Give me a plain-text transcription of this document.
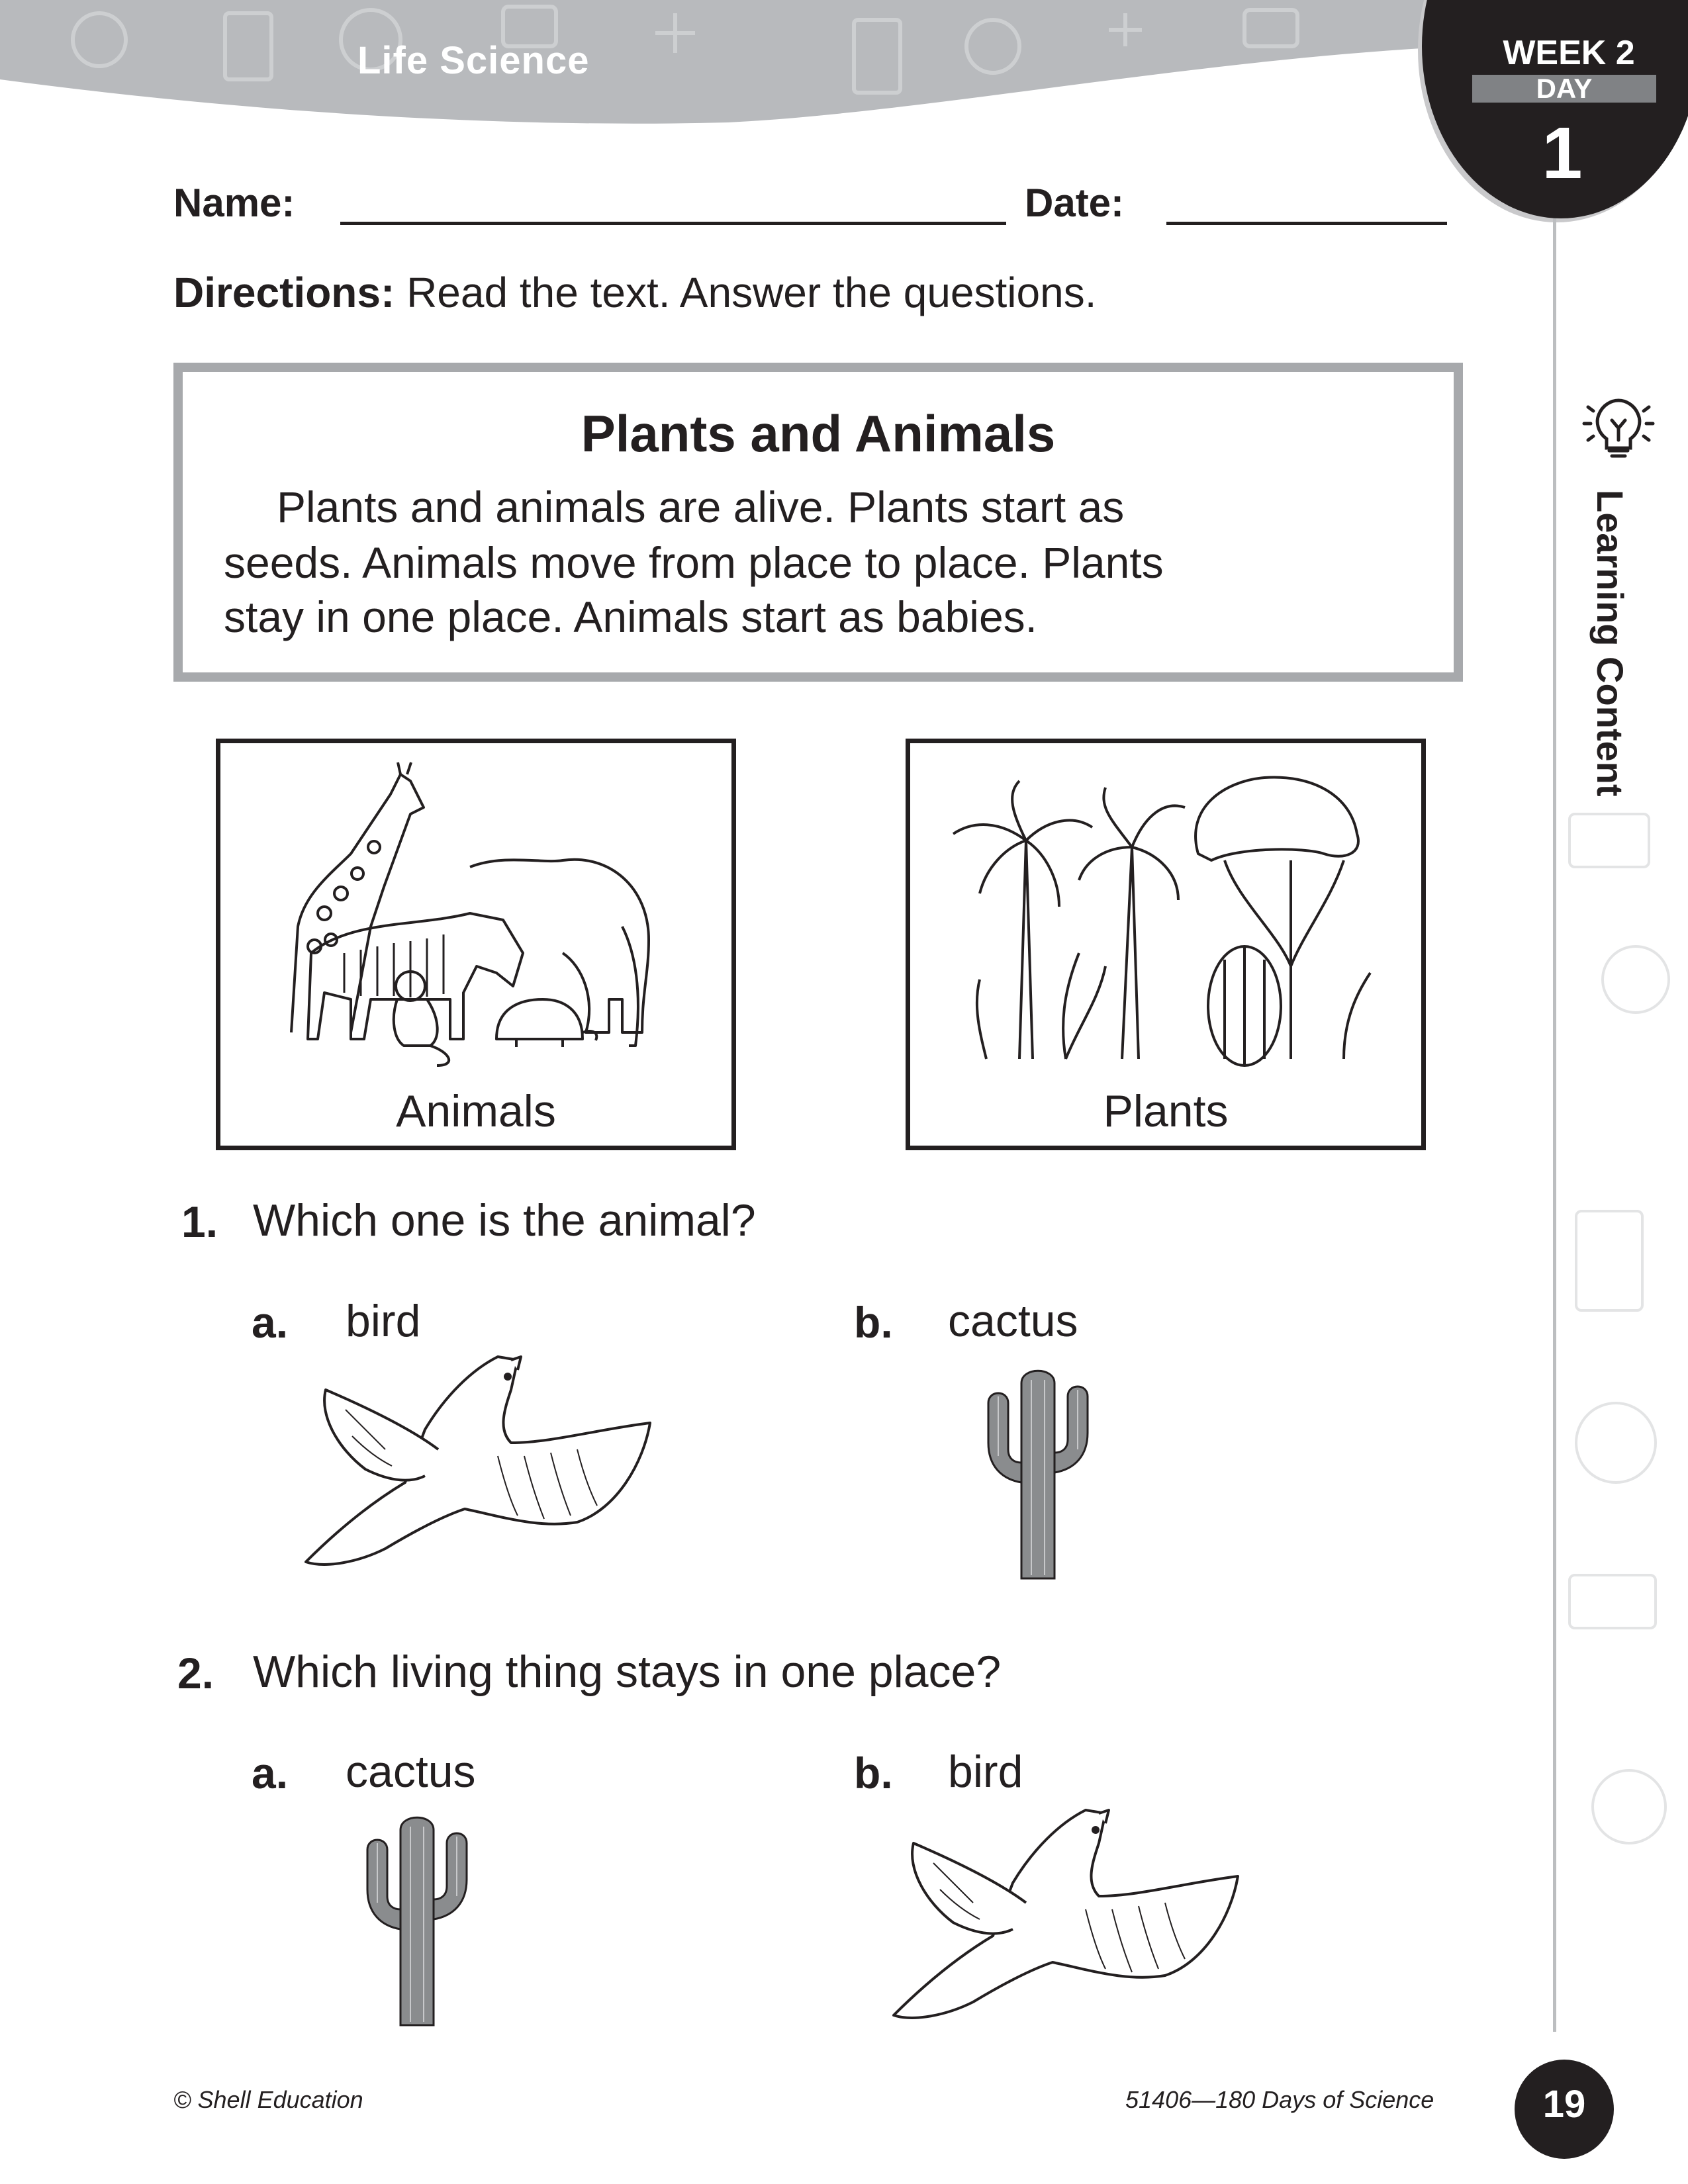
Life Science	WEEK 2
DAY
1
Learning Content
Name:	Date:
Directions: Read the text. Answer the questions.
Plants and Animals
Plants and animals are alive. Plants start as
seeds. Animals move from place to place. Plants
stay in one place. Animals start as babies.
Animals	Plants
1. Which one is the animal?
a. bird	b. cactus
2. Which living thing stays in one place?
a. cactus	b. bird
© Shell Education	51406—180 Days of Science	19
